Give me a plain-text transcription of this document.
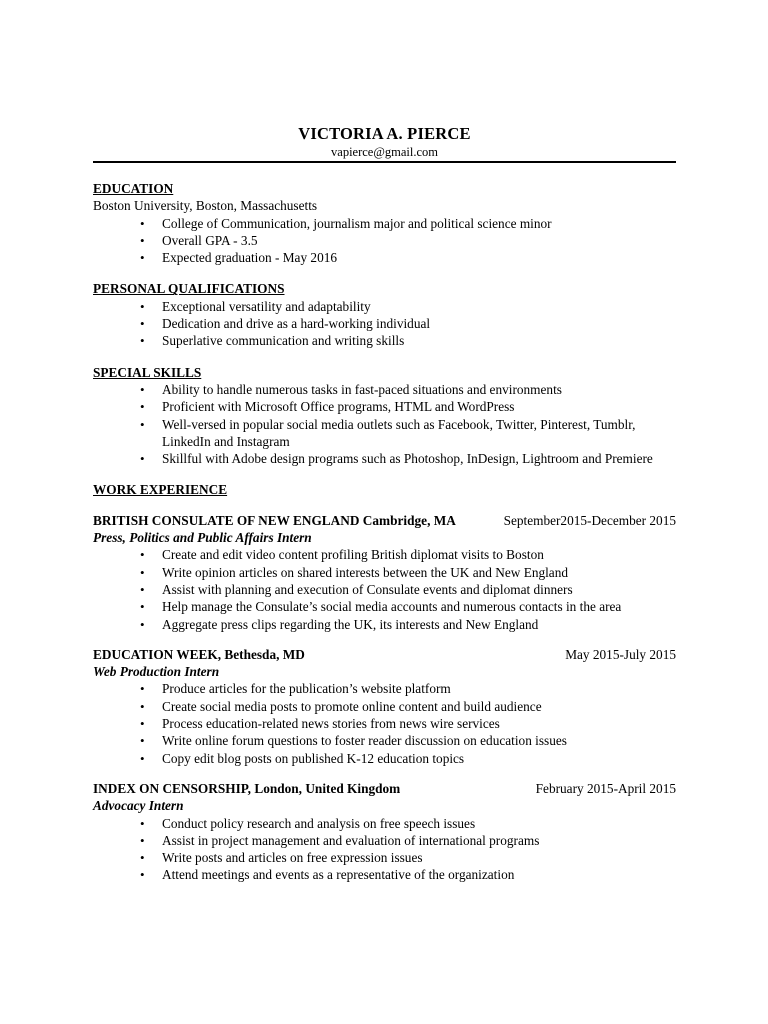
VICTORIA A. PIERCE
vapierce@gmail.com
EDUCATION
Boston University, Boston, Massachusetts
• College of Communication, journalism major and political science minor
• Overall GPA - 3.5
• Expected graduation - May 2016
PERSONAL QUALIFICATIONS
• Exceptional versatility and adaptability
• Dedication and drive as a hard-working individual
• Superlative communication and writing skills
SPECIAL SKILLS
• Ability to handle numerous tasks in fast-paced situations and environments
• Proficient with Microsoft Office programs, HTML and WordPress
• Well-versed in popular social media outlets such as Facebook, Twitter, Pinterest, Tumblr, LinkedIn and Instagram
• Skillful with Adobe design programs such as Photoshop, InDesign, Lightroom and Premiere
WORK EXPERIENCE
BRITISH CONSULATE OF NEW ENGLAND Cambridge, MA	September2015-December 2015
Press, Politics and Public Affairs Intern
• Create and edit video content profiling British diplomat visits to Boston
• Write opinion articles on shared interests between the UK and New England
• Assist with planning and execution of Consulate events and diplomat dinners
• Help manage the Consulate’s social media accounts and numerous contacts in the area
• Aggregate press clips regarding the UK, its interests and New England
EDUCATION WEEK, Bethesda, MD	May 2015-July 2015
Web Production Intern
• Produce articles for the publication’s website platform
• Create social media posts to promote online content and build audience
• Process education-related news stories from news wire services
• Write online forum questions to foster reader discussion on education issues
• Copy edit blog posts on published K-12 education topics
INDEX ON CENSORSHIP, London, United Kingdom	February 2015-April 2015
Advocacy Intern
• Conduct policy research and analysis on free speech issues
• Assist in project management and evaluation of international programs
• Write posts and articles on free expression issues
• Attend meetings and events as a representative of the organization
